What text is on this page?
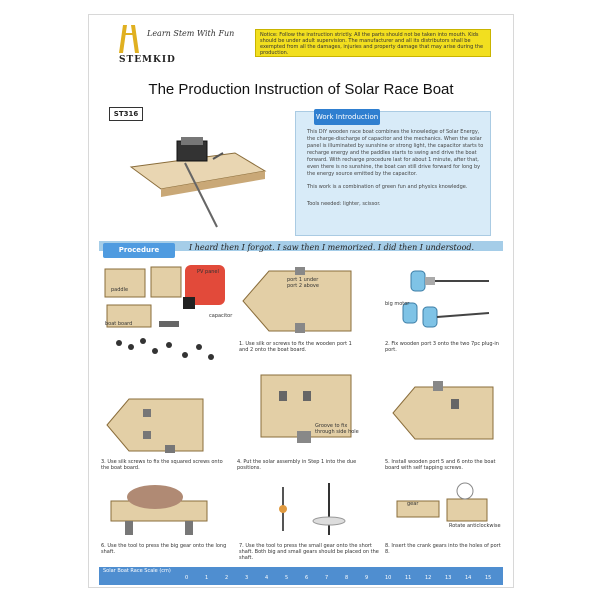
Learn Stem With Fun
STEMKID
Notice: Follow the instruction strictly. All the parts should not be taken into mouth. Kids should be under adult supervision. The manufacturer and all its distributors shall be exempted from all the damages, injuries and property damage that may arise during the production.
The Production Instruction of Solar Race Boat
ST316	Work Introduction
This DIY wooden race boat combines the knowledge of Solar Energy, the charge-discharge of capacitor and the mechanics. When the solar panel is illuminated by sunshine or strong light, the capacitor starts to recharge energy and the paddles starts to swing and drive the boat forward. With recharge procedure last for about 1 minute, after that, even there is no sunshine, the boat can still drive forward for long by the energy source emitted by the capacitor.
This work is a combination of green fun and physics knowledge.
Tools needed: lighter, scissor.
Procedure	I heard then I forgot. I saw then I memorized. I did then I understood.
paddle
PV panel
boat board
capacitor
port 1 under
port 2 above
1. Use silk or screws to fix the wooden port 1 and 2 onto the boat board.
big motor
2. Fix wooden port 3 onto the two 7pc plug-in port.
3. Use silk screws to fix the squared screws onto the boat board.
Groove to fix
through side hole
4. Put the solar assembly in Step 1 into the due positions.
5. Install wooden port 5 and 6 onto the boat board with self tapping screws.
6. Use the tool to press the big gear onto the long shaft.
7. Use the tool to press the small gear onto the short shaft. Both big and small gears should be placed on the shaft.
gear
Rotate anticlockwise
8. Insert the crank gears into the holes of port 8.
Solar Boat Race Scale (cm)
0	1	2	3	4	5	6	7	8	9	10	11	12	13	14	15
